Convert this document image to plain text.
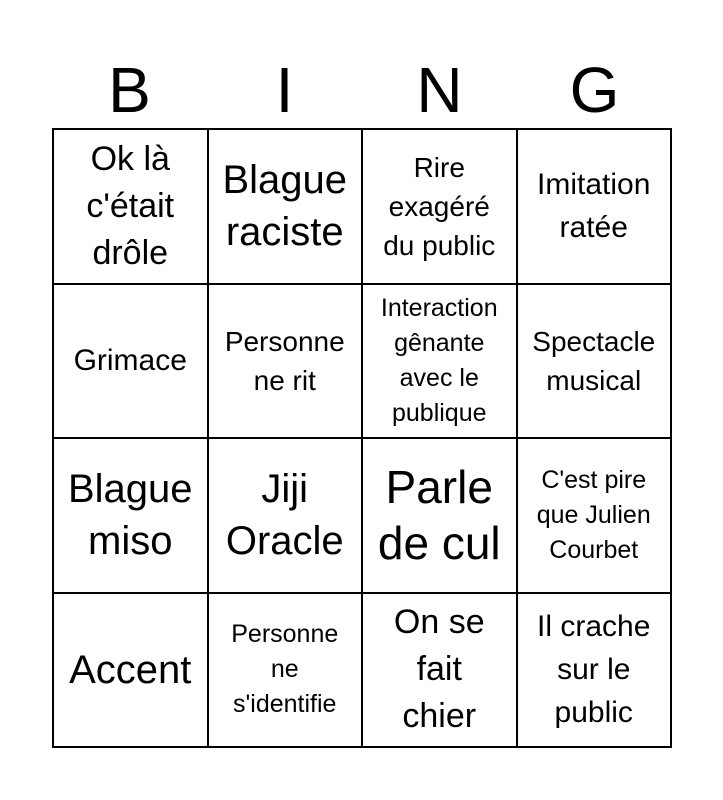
B	I	N	G
Ok là
c'était
drôle
Blague
raciste
Rire
exagéré
du public
Imitation
ratée
Grimace
Personne
ne rit
Interaction
gênante
avec le
publique
Spectacle
musical
Blague
miso
Jiji
Oracle
Parle
de cul
C'est pire
que Julien
Courbet
Accent
Personne
ne
s'identifie
On se
fait
chier
Il crache
sur le
public
